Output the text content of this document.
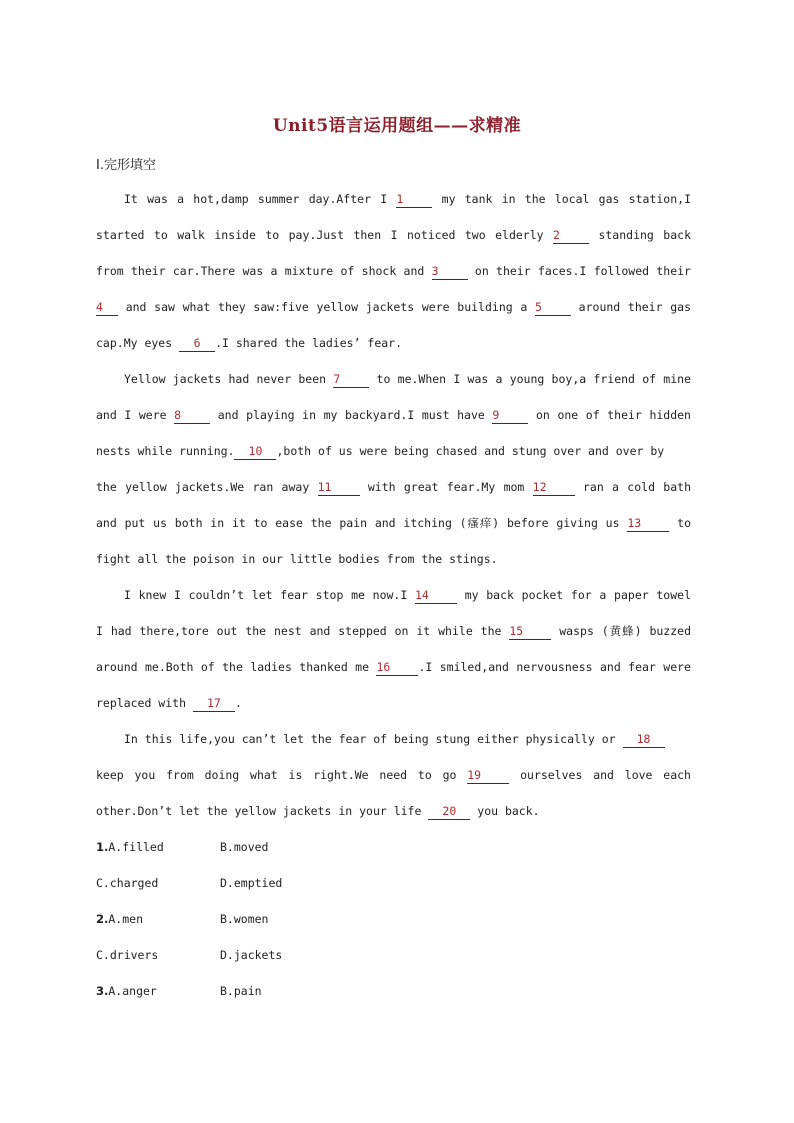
Unit5语言运用题组——求精准
Ⅰ.完形填空
It was a hot,damp summer day.After I 1	my tank in the local gas station,I
started to walk inside to pay.Just then I noticed two elderly 2	standing back
from their car.There was a mixture of shock and 3	on their faces.I followed their
4 and saw what they saw:five yellow jackets were building a 5	around their gas
cap.My eyes 6 .I shared the ladies’ fear.
Yellow jackets had never been 7	to me.When I was a young boy,a friend of mine
and I were 8	and playing in my backyard.I must have 9	on one of their hidden
nests while running. 10 ,both of us were being chased and stung over and over by
the yellow jackets.We ran away 11 with great fear.My mom 12 ran a cold bath
and put us both in it to ease the pain and itching (瘙痒) before giving us 13 to
fight all the poison in our little bodies from the stings.
I knew I couldn’t let fear stop me now.I 14 my back pocket for a paper towel
I had there,tore out the nest and stepped on it while the 15 wasps (黄蜂) buzzed
around me.Both of the ladies thanked me 16 .I smiled,and nervousness and fear were
replaced with 17 .
In this life,you can’t let the fear of being stung either physically or 18
keep you from doing what is right.We need to go 19 ourselves and love each
other.Don’t let the yellow jackets in your life 20 you back.
1.A.filled	B.moved
C.charged	D.emptied
2.A.men	B.women
C.drivers	D.jackets
3.A.anger	B.pain
